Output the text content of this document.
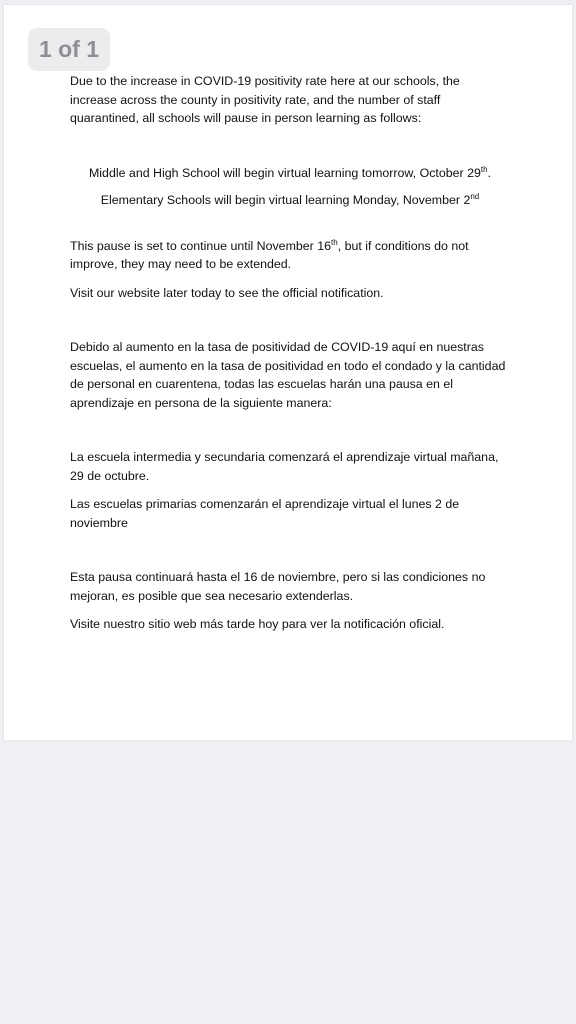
1 of 1

Due to the increase in COVID-19 positivity rate here at our schools, the increase across the county in positivity rate, and the number of staff quarantined, all schools will pause in person learning as follows:

Middle and High School will begin virtual learning tomorrow, October 29th.

Elementary Schools will begin virtual learning Monday, November 2nd

This pause is set to continue until November 16th, but if conditions do not improve, they may need to be extended.

Visit our website later today to see the official notification.

Debido al aumento en la tasa de positividad de COVID-19 aquí en nuestras escuelas, el aumento en la tasa de positividad en todo el condado y la cantidad de personal en cuarentena, todas las escuelas harán una pausa en el aprendizaje en persona de la siguiente manera:

La escuela intermedia y secundaria comenzará el aprendizaje virtual mañana, 29 de octubre.

Las escuelas primarias comenzarán el aprendizaje virtual el lunes 2 de noviembre

Esta pausa continuará hasta el 16 de noviembre, pero si las condiciones no mejoran, es posible que sea necesario extenderlas.

Visite nuestro sitio web más tarde hoy para ver la notificación oficial.
